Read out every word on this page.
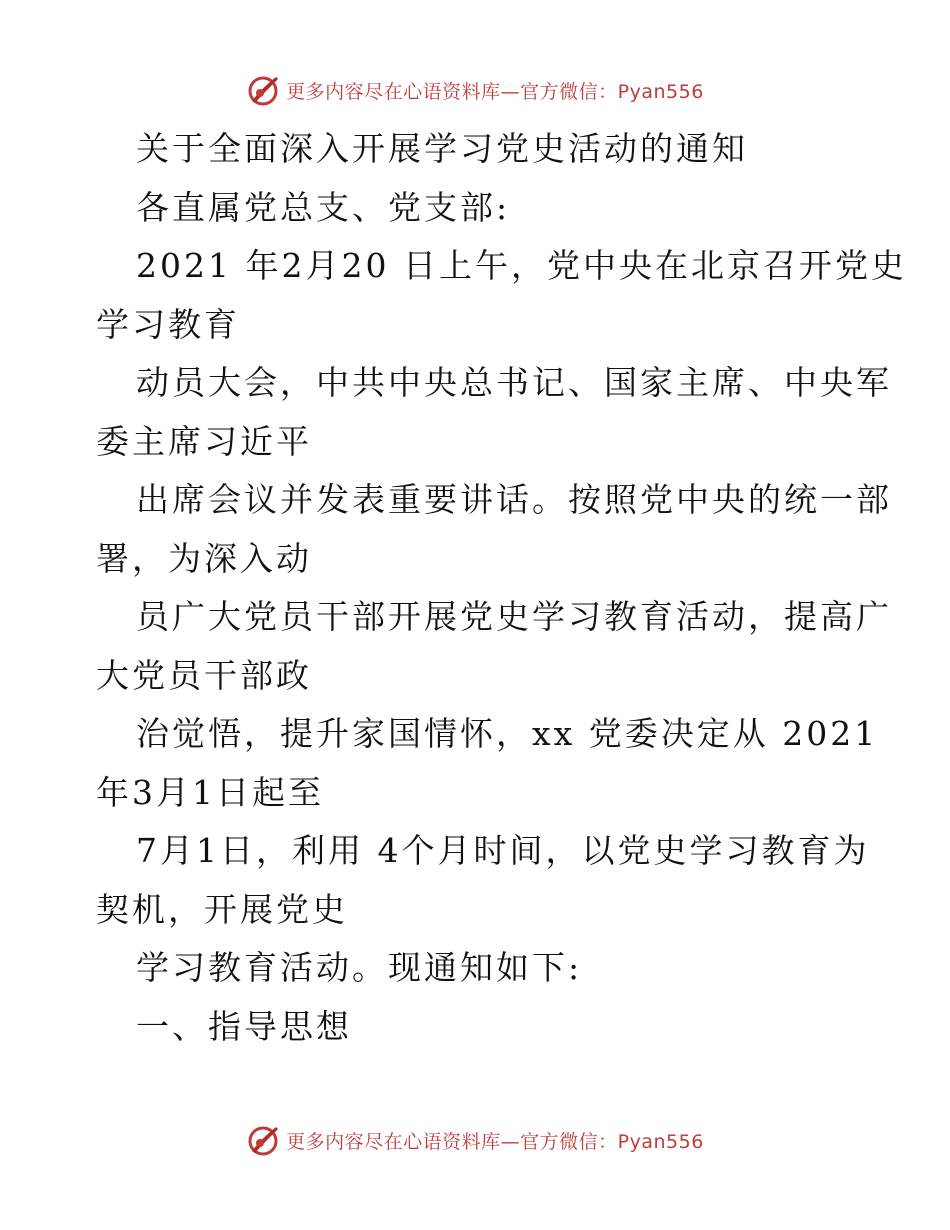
更多内容尽在心语资料库—官方微信：Pyan556
关于全面深入开展学习党史活动的通知
各直属党总支、党支部:
2021 年2月20 日上午，党中央在北京召开党史
学习教育
动员大会，中共中央总书记、国家主席、中央军
委主席习近平
出席会议并发表重要讲话。按照党中央的统一部
署，为深入动
员广大党员干部开展党史学习教育活动，提高广
大党员干部政
治觉悟，提升家国情怀，xx 党委决定从 2021
年3月1日起至
7月1日，利用 4个月时间，以党史学习教育为
契机，开展党史
学习教育活动。现通知如下:
一、指导思想
更多内容尽在心语资料库—官方微信：Pyan556
